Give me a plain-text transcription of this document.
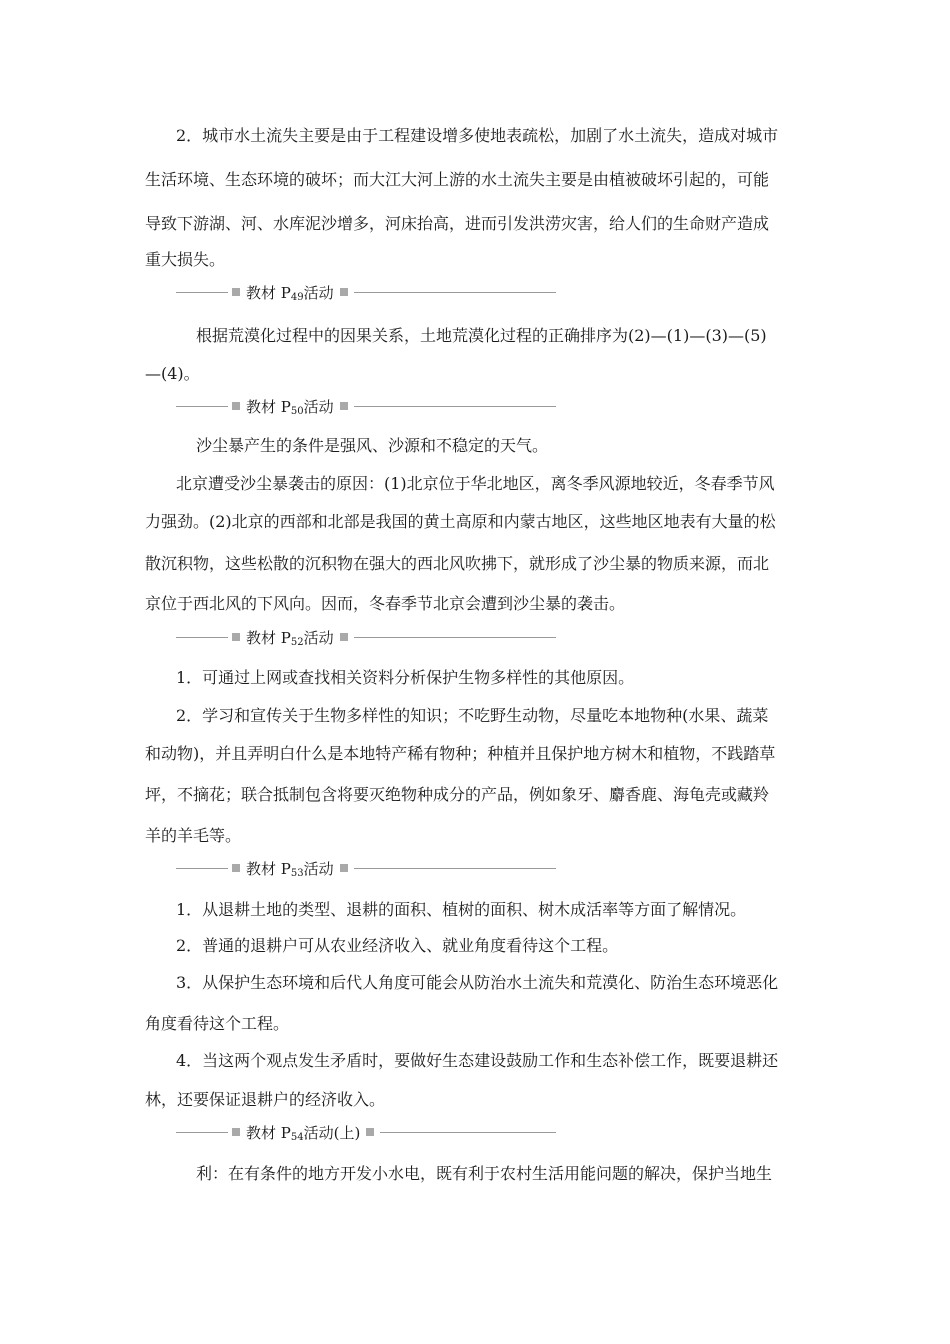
2．城市水土流失主要是由于工程建设增多使地表疏松，加剧了水土流失，造成对城市
生活环境、生态环境的破坏；而大江大河上游的水土流失主要是由植被破坏引起的，可能
导致下游湖、河、水库泥沙增多，河床抬高，进而引发洪涝灾害，给人们的生命财产造成
重大损失。
教材 $P_{49}$活动
根据荒漠化过程中的因果关系，土地荒漠化过程的正确排序为(2)—(1)—(3)—(5)
—(4)。
教材 $P_{50}$活动
沙尘暴产生的条件是强风、沙源和不稳定的天气。
北京遭受沙尘暴袭击的原因：(1)北京位于华北地区，离冬季风源地较近，冬春季节风
力强劲。(2)北京的西部和北部是我国的黄土高原和内蒙古地区，这些地区地表有大量的松
散沉积物，这些松散的沉积物在强大的西北风吹拂下，就形成了沙尘暴的物质来源，而北
京位于西北风的下风向。因而，冬春季节北京会遭到沙尘暴的袭击。
教材 $P_{52}$活动
1．可通过上网或查找相关资料分析保护生物多样性的其他原因。
2．学习和宣传关于生物多样性的知识；不吃野生动物，尽量吃本地物种(水果、蔬菜
和动物)，并且弄明白什么是本地特产稀有物种；种植并且保护地方树木和植物，不践踏草
坪，不摘花；联合抵制包含将要灭绝物种成分的产品，例如象牙、麝香鹿、海龟壳或藏羚
羊的羊毛等。
教材 $P_{53}$活动
1．从退耕土地的类型、退耕的面积、植树的面积、树木成活率等方面了解情况。
2．普通的退耕户可从农业经济收入、就业角度看待这个工程。
3．从保护生态环境和后代人角度可能会从防治水土流失和荒漠化、防治生态环境恶化
角度看待这个工程。
4．当这两个观点发生矛盾时，要做好生态建设鼓励工作和生态补偿工作，既要退耕还
林，还要保证退耕户的经济收入。
教材 $P_{54}$活动(上)
利：在有条件的地方开发小水电，既有利于农村生活用能问题的解决，保护当地生
